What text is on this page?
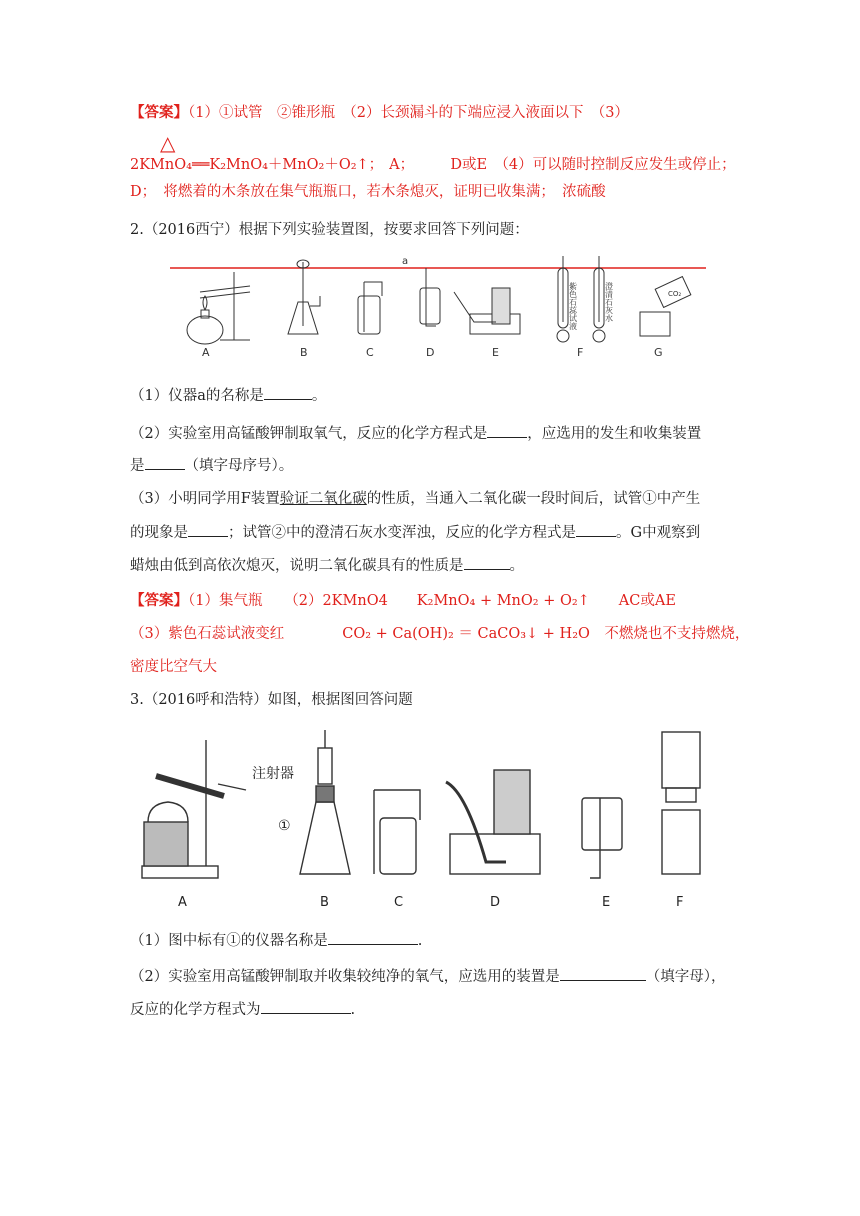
【答案】（1）①试管　②锥形瓶　（2）长颈漏斗的下端应浸入液面以下　（3）
△
2KMnO₄══K₂MnO₄＋MnO₂＋O₂↑； A；　　　D或E　（4）可以随时控制反应发生或停止；
D；　将燃着的木条放在集气瓶瓶口，若木条熄灭，证明已收集满；　浓硫酸
2.（2016西宁）根据下列实验装置图，按要求回答下列问题：
a
紫色石蕊试液	澄清石灰水	CO₂
A	B	C	D	E	F	G
（1）仪器a的名称是	。
（2）实验室用高锰酸钾制取氧气，反应的化学方程式是	，应选用的发生和收集装置
是	（填字母序号）。
（3）小明同学用F装置验证二氧化碳的性质，当通入二氧化碳一段时间后，试管①中产生
的现象是	；试管②中的澄清石灰水变浑浊，反应的化学方程式是	。G中观察到
蜡烛由低到高依次熄灭，说明二氧化碳具有的性质是	。
【答案】（1）集气瓶　　（2）2KMnO4　　K₂MnO₄ + MnO₂ + O₂↑　　AC或AE
（3）紫色石蕊试液变红　　　　CO₂ + Ca(OH)₂ ＝ CaCO₃↓ + H₂O　不燃烧也不支持燃烧，
密度比空气大
3.（2016呼和浩特）如图，根据图回答问题
注射器
①
A	B	C	D	E	F
（1）图中标有①的仪器名称是	.
（2）实验室用高锰酸钾制取并收集较纯净的氧气，应选用的装置是	（填字母），
反应的化学方程式为	.
